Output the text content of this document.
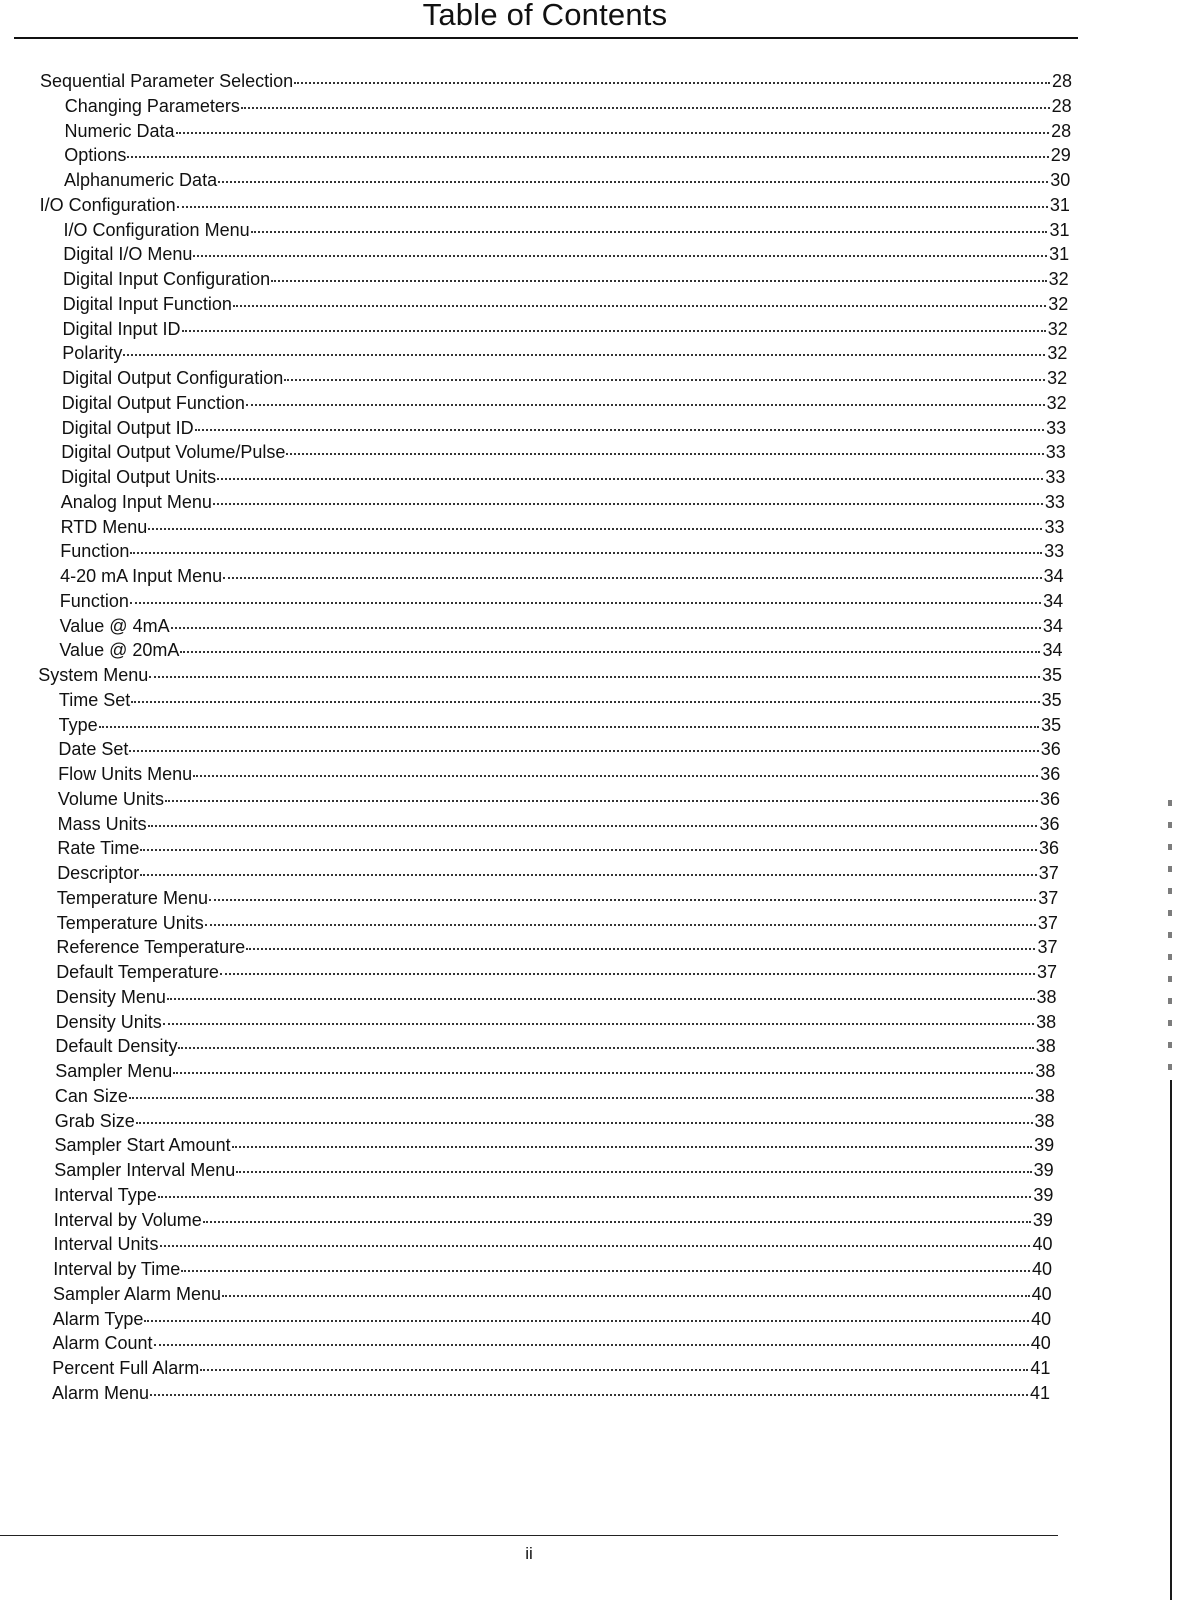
Table of Contents
Sequential Parameter Selection	28
Changing Parameters	28
Numeric Data	28
Options	29
Alphanumeric Data	30
I/O Configuration	31
I/O Configuration Menu	31
Digital I/O Menu	31
Digital Input Configuration	32
Digital Input Function	32
Digital Input ID	32
Polarity	32
Digital Output Configuration	32
Digital Output Function	32
Digital Output ID	33
Digital Output Volume/Pulse	33
Digital Output Units	33
Analog Input Menu	33
RTD Menu	33
Function	33
4-20 mA Input Menu	34
Function	34
Value @ 4mA	34
Value @ 20mA	34
System Menu	35
Time Set	35
Type	35
Date Set	36
Flow Units Menu	36
Volume Units	36
Mass Units	36
Rate Time	36
Descriptor	37
Temperature Menu	37
Temperature Units	37
Reference Temperature	37
Default Temperature	37
Density Menu	38
Density Units	38
Default Density	38
Sampler Menu	38
Can Size	38
Grab Size	38
Sampler Start Amount	39
Sampler Interval Menu	39
Interval Type	39
Interval by Volume	39
Interval Units	40
Interval by Time	40
Sampler Alarm Menu	40
Alarm Type	40
Alarm Count	40
Percent Full Alarm	41
Alarm Menu	41
ii
